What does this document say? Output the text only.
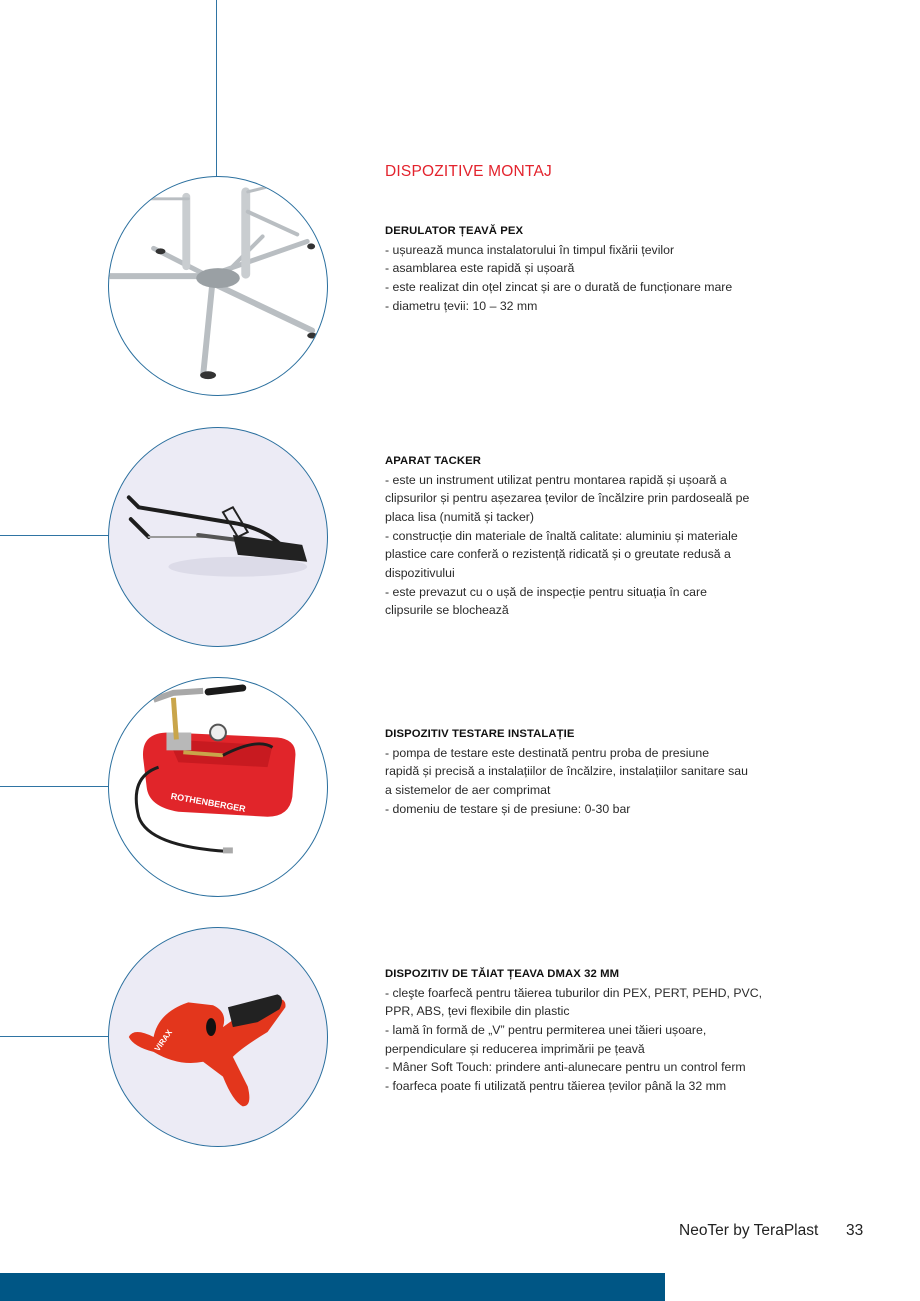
ROTHENBERGER
VIRAX
DISPOZITIVE MONTAJ
DERULATOR ȚEAVĂ PEX

- ușurează munca instalatorului în timpul fixării țevilor

- asamblarea este rapidă și ușoară

- este realizat din oțel zincat și are o durată de funcționare mare

- diametru țevii: 10 – 32 mm

APARAT TACKER

- este un instrument utilizat pentru montarea rapidă și ușoară a

clipsurilor și pentru așezarea țevilor de încălzire prin pardoseală pe

placa lisa (numită și tacker)

- construcție din materiale de înaltă calitate: aluminiu și materiale

plastice care conferă o rezistență ridicată și o greutate redusă a

dispozitivului

- este prevazut cu o ușă de inspecție pentru situația în care

clipsurile se blochează

DISPOZITIV TESTARE INSTALAȚIE

- pompa de testare este destinată pentru proba de presiune

rapidă și precisă a instalațiilor de încălzire, instalațiilor sanitare sau

a sistemelor de aer comprimat

- domeniu de testare și de presiune: 0-30 bar

DISPOZITIV DE TĂIAT ȚEAVA DMAX 32 MM

- cleşte foarfecă pentru tăierea tuburilor din PEX, PERT, PEHD, PVC,

PPR, ABS, țevi flexibile din plastic

- lamă în formă de „V” pentru permiterea unei tăieri ușoare,

perpendiculare și reducerea imprimării pe țeavă

- Mâner Soft Touch: prindere anti-alunecare pentru un control ferm

- foarfeca poate fi utilizată pentru tăierea țevilor până la 32 mm

NeoTer by TeraPlast 33
